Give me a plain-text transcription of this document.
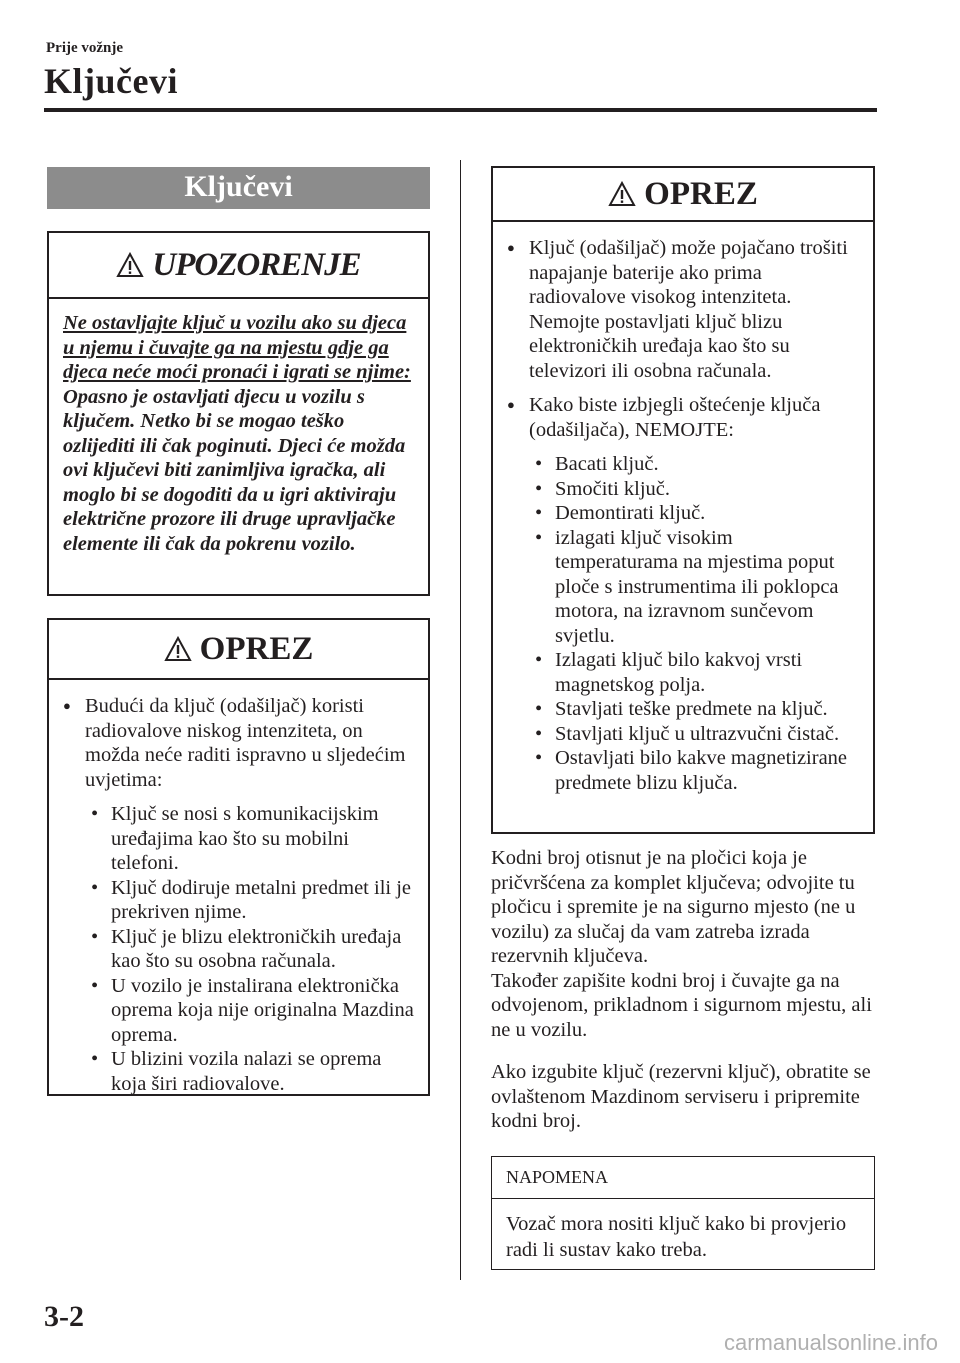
Prije vožnje
Ključevi
Ključevi
UPOZORENJE
Ne ostavljajte ključ u vozilu ako su djeca u njemu i čuvajte ga na mjestu gdje ga djeca neće moći pronaći i igrati se njime:
Opasno je ostavljati djecu u vozilu s ključem. Netko bi se mogao teško ozlijediti ili čak poginuti. Djeci će možda ovi ključevi biti zanimljiva igračka, ali moglo bi se dogoditi da u igri aktiviraju električne prozore ili druge upravljačke elemente ili čak da pokrenu vozilo.
OPREZ
● Budući da ključ (odašiljač) koristi radiovalove niskog intenziteta, on možda neće raditi ispravno u sljedećim uvjetima:
• Ključ se nosi s komunikacijskim uređajima kao što su mobilni telefoni.
• Ključ dodiruje metalni predmet ili je prekriven njime.
• Ključ je blizu elektroničkih uređaja kao što su osobna računala.
• U vozilo je instalirana elektronička oprema koja nije originalna Mazdina oprema.
• U blizini vozila nalazi se oprema koja širi radiovalove.
OPREZ
● Ključ (odašiljač) može pojačano trošiti napajanje baterije ako prima radiovalove visokog intenziteta. Nemojte postavljati ključ blizu elektroničkih uređaja kao što su televizori ili osobna računala.
● Kako biste izbjegli oštećenje ključa (odašiljača), NEMOJTE:
• Bacati ključ.
• Smočiti ključ.
• Demontirati ključ.
• izlagati ključ visokim temperaturama na mjestima poput ploče s instrumentima ili poklopca motora, na izravnom sunčevom svjetlu.
• Izlagati ključ bilo kakvoj vrsti magnetskog polja.
• Stavljati teške predmete na ključ.
• Stavljati ključ u ultrazvučni čistač.
• Ostavljati bilo kakve magnetizirane predmete blizu ključa.

Kodni broj otisnut je na pločici koja je pričvršćena za komplet ključeva; odvojite tu pločicu i spremite je na sigurno mjesto (ne u vozilu) za slučaj da vam zatreba izrada rezervnih ključeva.

Također zapišite kodni broj i čuvajte ga na odvojenom, prikladnom i sigurnom mjestu, ali ne u vozilu.

Ako izgubite ključ (rezervni ključ), obratite se ovlaštenom Mazdinom serviseru i pripremite kodni broj.

NAPOMENA
Vozač mora nositi ključ kako bi provjerio radi li sustav kako treba.
3-2
carmanualsonline.info
